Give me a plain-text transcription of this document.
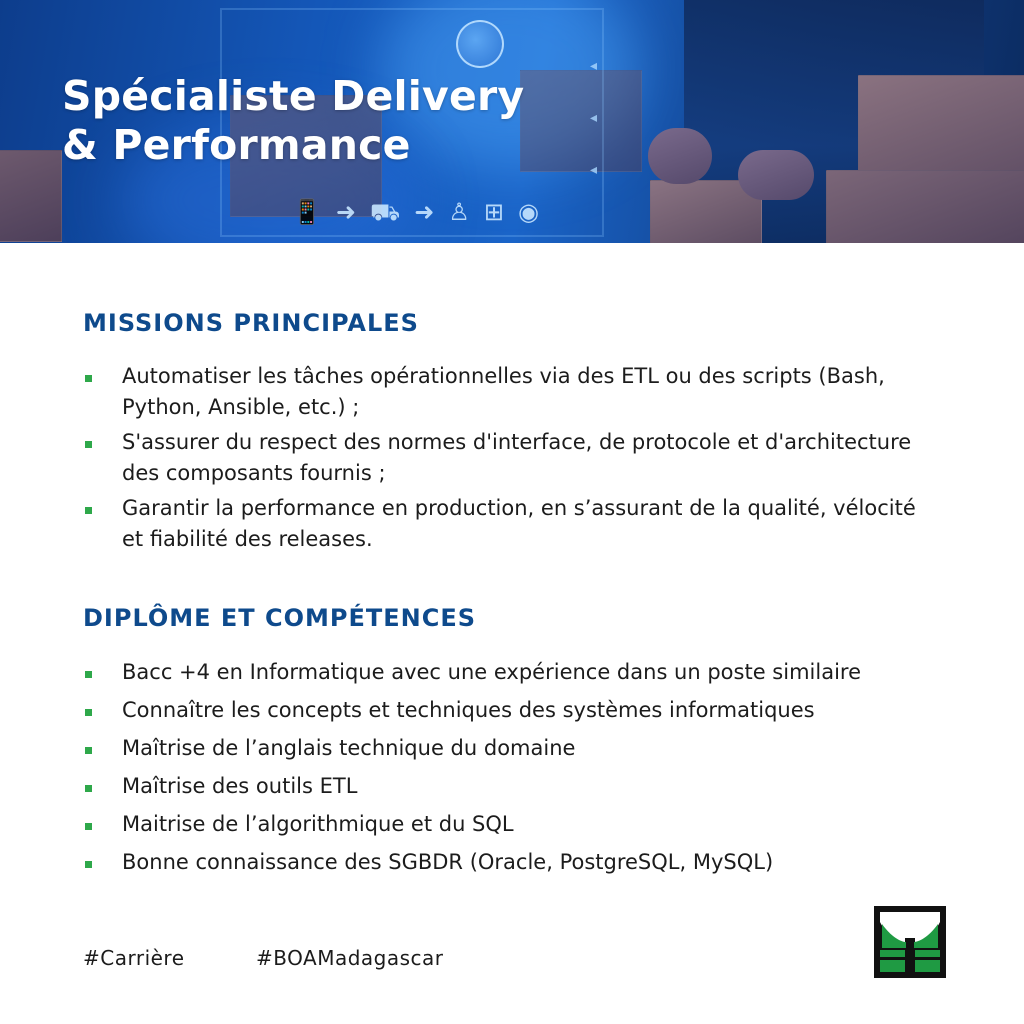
◂
◂
◂
📱 ➜ ⛟ ➜ ♙ ⊞ ◉
Spécialiste Delivery
& Performance
MISSIONS PRINCIPALES
Automatiser les tâches opérationnelles via des ETL ou des scripts (Bash, Python, Ansible, etc.) ;
S'assurer du respect des normes d'interface, de protocole et d'architecture des composants fournis ;
Garantir la performance en production, en s’assurant de la qualité, vélocité et fiabilité des releases.
DIPLÔME ET COMPÉTENCES
Bacc +4 en Informatique avec une expérience dans un poste similaire
Connaître les concepts et techniques des systèmes informatiques
Maîtrise de l’anglais technique du domaine
Maîtrise des outils ETL
Maitrise de l’algorithmique et du SQL
Bonne connaissance des SGBDR (Oracle, PostgreSQL, MySQL)
#Carrière	#BOAMadagascar
